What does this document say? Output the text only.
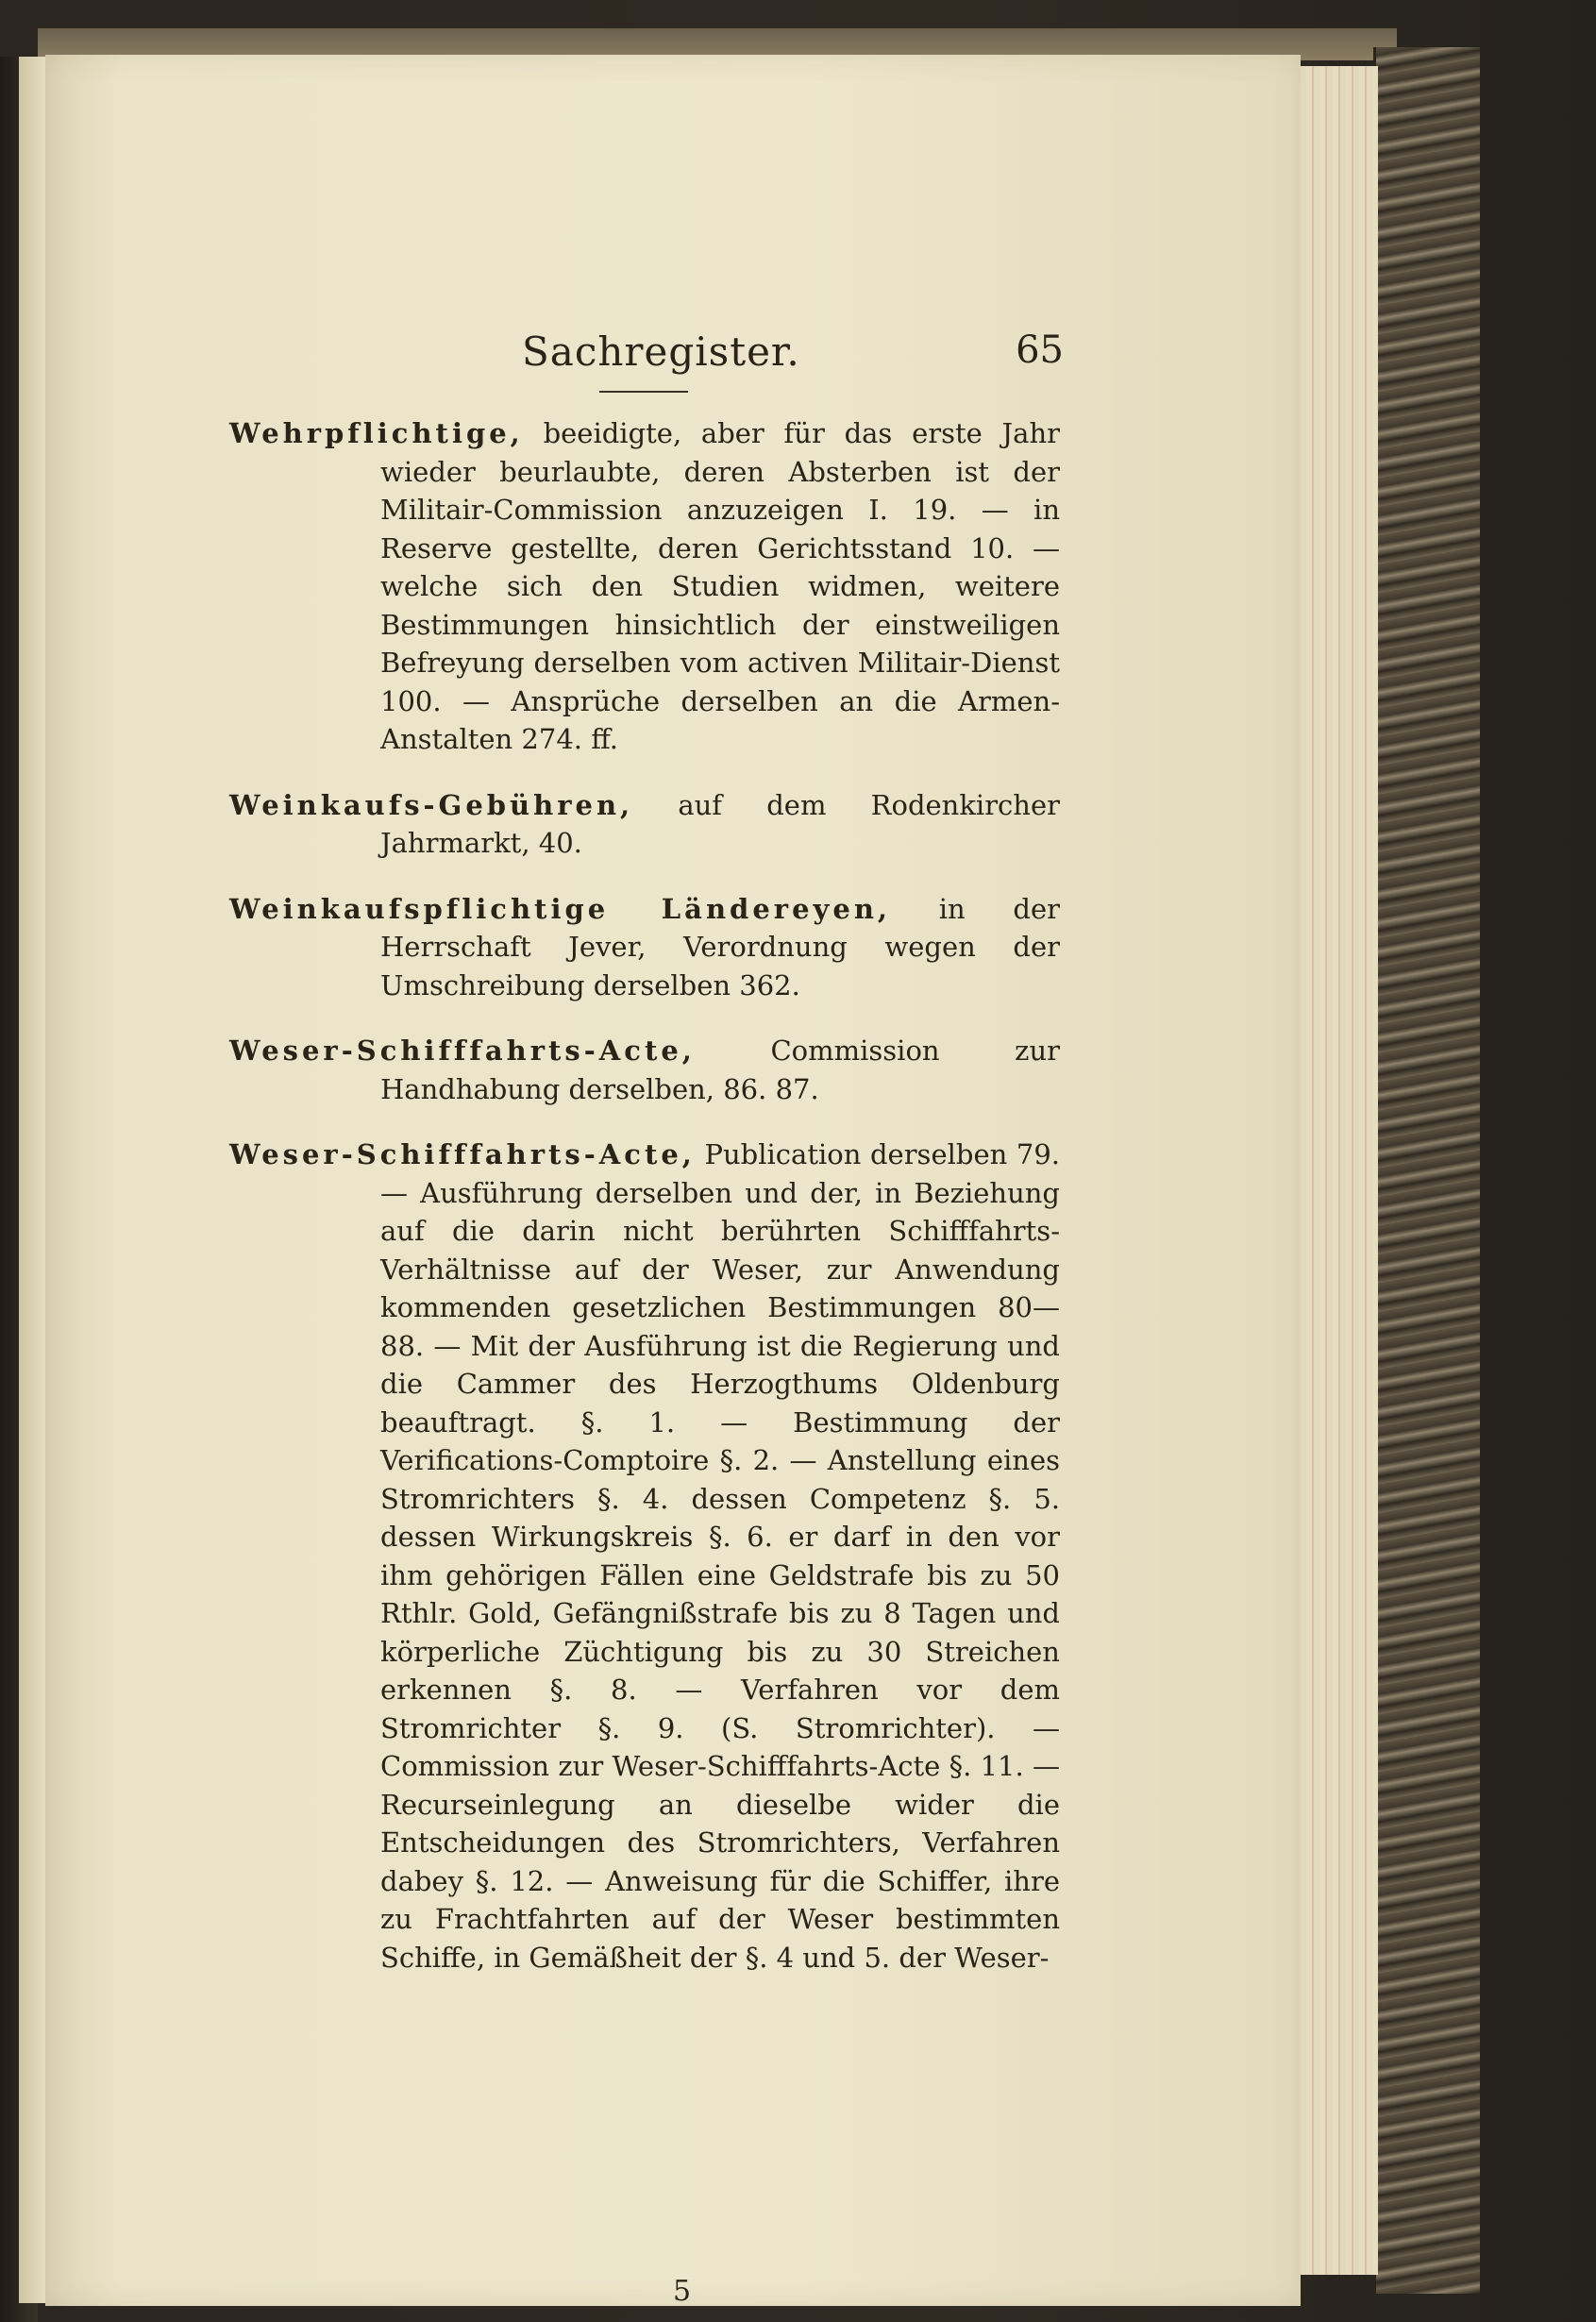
Sachregister.	65

Wehrpflichtige, beeidigte, aber für das erste Jahr wieder beurlaubte, deren Absterben ist der Militair-Commission anzuzeigen I. 19. — in Reserve gestellte, deren Gerichtsstand 10. — welche sich den Studien widmen, weitere Bestimmungen hinsichtlich der einstweiligen Befreyung derselben vom activen Militair-Dienst 100. — Ansprüche derselben an die Armen-Anstalten 274. ff.

Weinkaufs-Gebühren, auf dem Rodenkircher Jahrmarkt, 40.

Weinkaufspflichtige Ländereyen, in der Herrschaft Jever, Verordnung wegen der Umschreibung derselben 362.

Weser-Schifffahrts-Acte,	Commission zur Handhabung derselben, 86. 87.

Weser-Schifffahrts-Acte, Publication derselben 79. — Ausführung derselben und der, in Beziehung auf die darin nicht berührten Schifffahrts-Verhältnisse auf der Weser, zur Anwendung kommenden gesetzlichen Bestimmungen 80—88. — Mit der Ausführung ist die Regierung und die Cammer des Herzogthums Oldenburg beauftragt. §. 1. — Bestimmung der Verifications-Comptoire §. 2. — Anstellung eines Stromrichters §. 4. dessen Competenz §. 5. dessen Wirkungskreis §. 6. er darf in den vor ihm gehörigen Fällen eine Geldstrafe bis zu 50 Rthlr. Gold, Gefängnißstrafe bis zu 8 Tagen und körperliche Züchtigung bis zu 30 Streichen erkennen §. 8. — Verfahren vor dem Stromrichter §. 9. (S. Stromrichter). — Commission zur Weser-Schifffahrts-Acte §. 11. — Recurseinlegung an dieselbe wider die Entscheidungen des Stromrichters, Verfahren dabey §. 12. — Anweisung für die Schiffer, ihre zu Frachtfahrten auf der Weser bestimmten Schiffe, in Gemäßheit der §. 4 und 5. der Weser-

5
